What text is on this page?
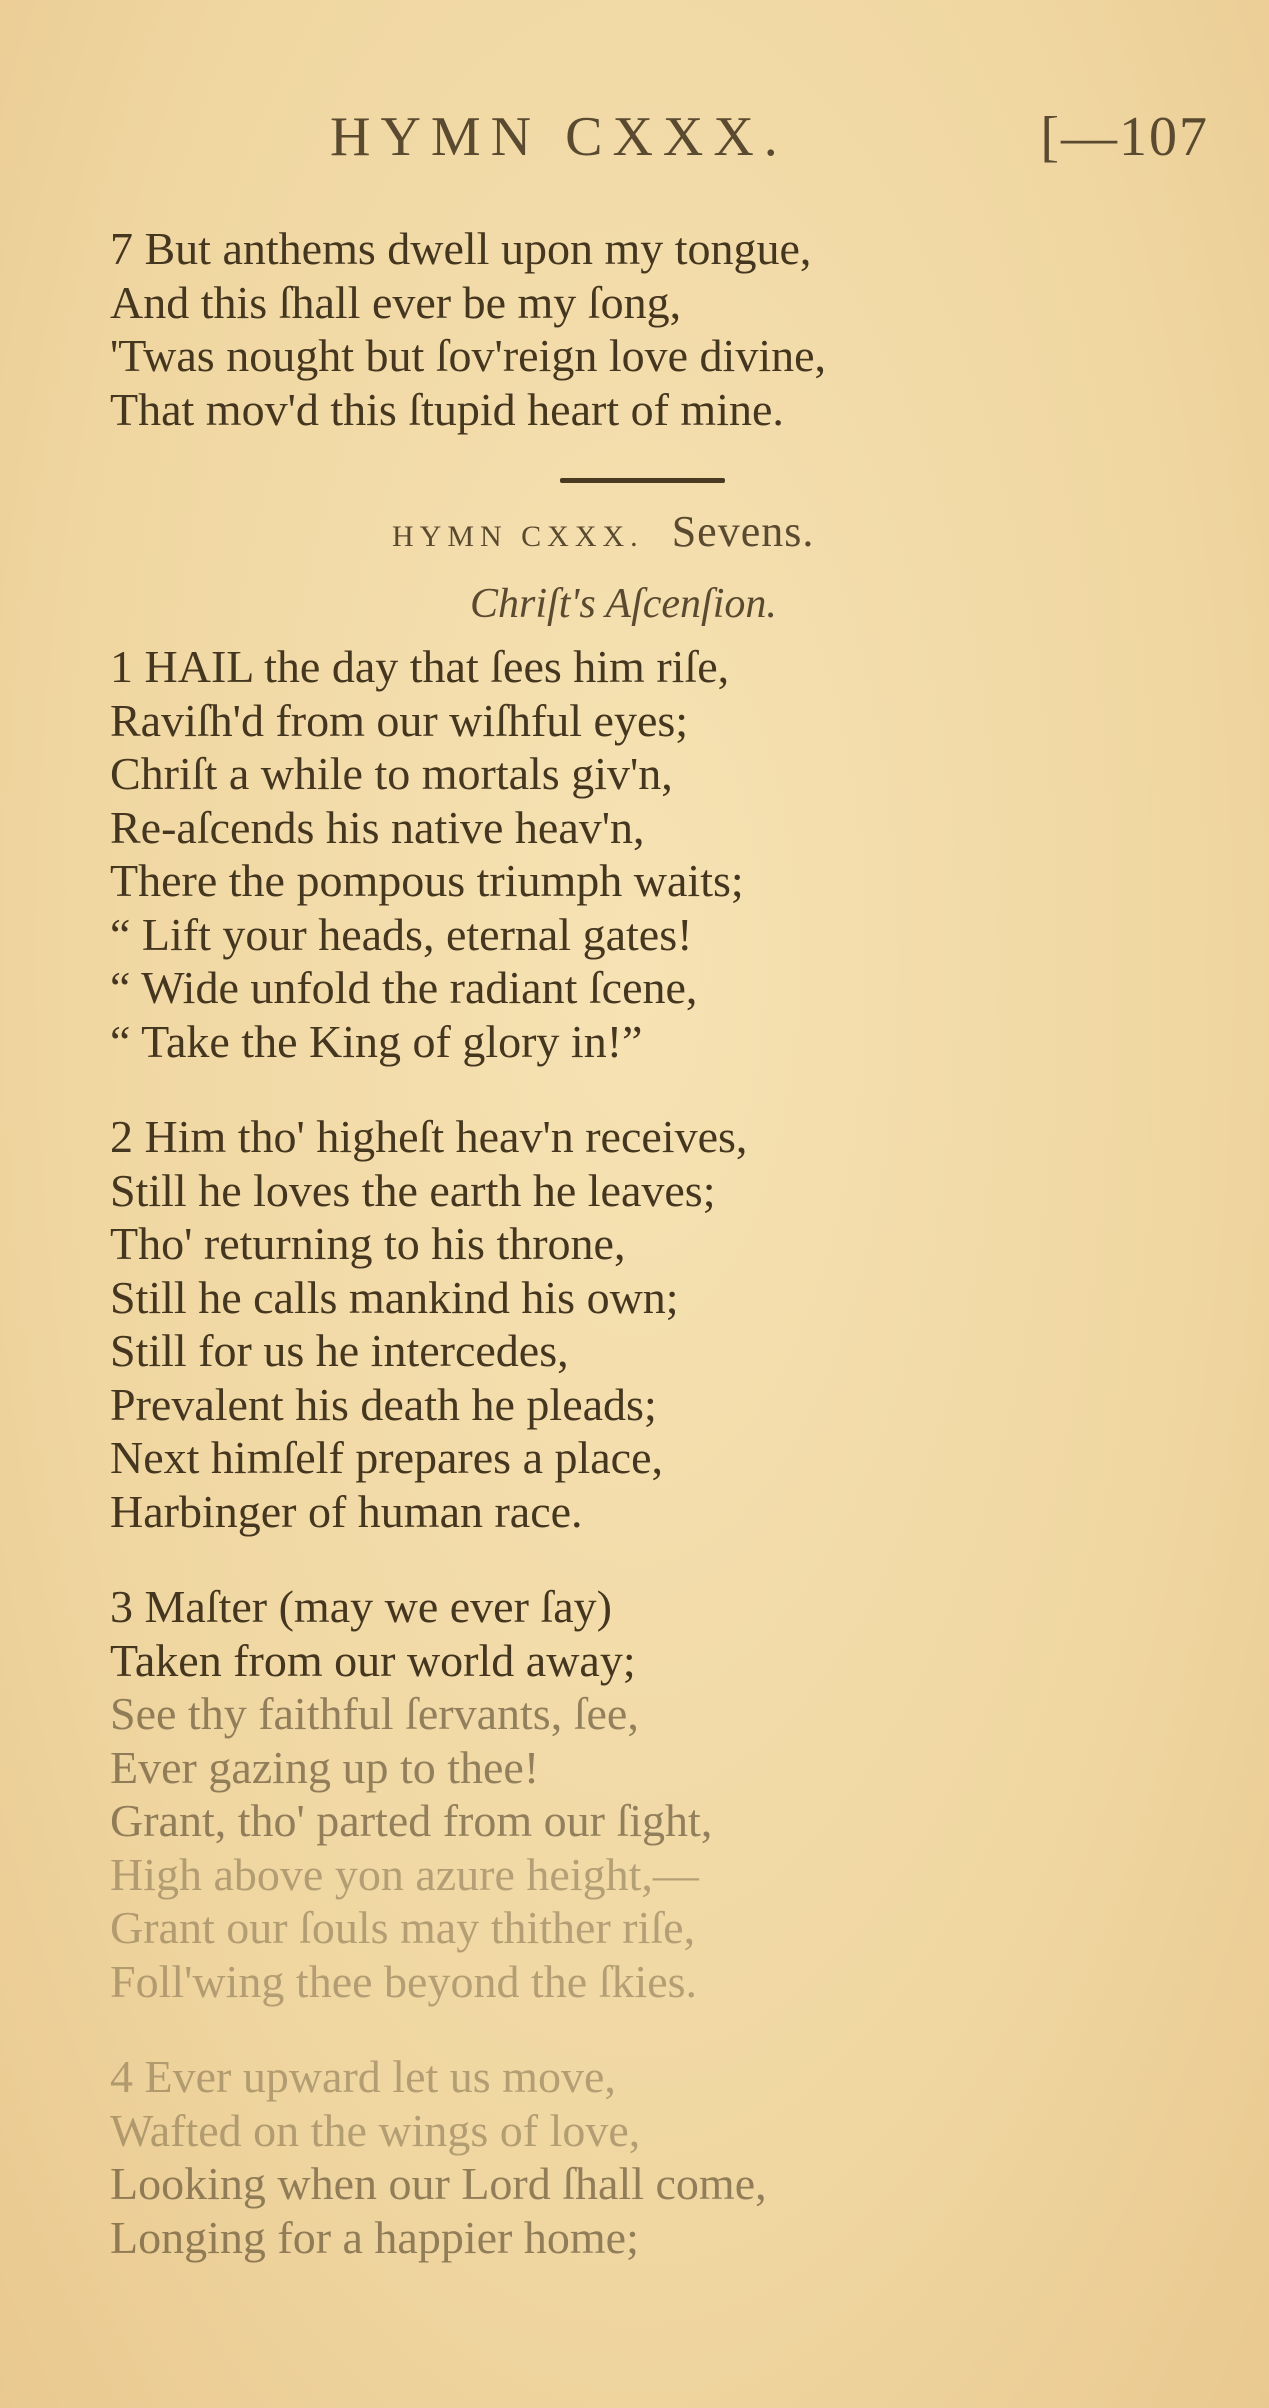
HYMN CXXX.	[—107
7 But anthems dwell upon my tongue,
And this ſhall ever be my ſong,
'Twas nought but ſov'reign love divine,
That mov'd this ſtupid heart of mine.
HYMN CXXX. Sevens.
Chriſt's Aſcenſion.
1 HAIL the day that ſees him riſe,
Raviſh'd from our wiſhful eyes;
Chriſt a while to mortals giv'n,
Re-aſcends his native heav'n,
There the pompous triumph waits;
“ Lift your heads, eternal gates!
“ Wide unfold the radiant ſcene,
“ Take the King of glory in!”
2 Him tho' higheſt heav'n receives,
Still he loves the earth he leaves;
Tho' returning to his throne,
Still he calls mankind his own;
Still for us he intercedes,
Prevalent his death he pleads;
Next himſelf prepares a place,
Harbinger of human race.
3 Maſter (may we ever ſay)
Taken from our world away;
See thy faithful ſervants, ſee,
Ever gazing up to thee!
Grant, tho' parted from our ſight,
High above yon azure height,—
Grant our ſouls may thither riſe,
Foll'wing thee beyond the ſkies.
4 Ever upward let us move,
Wafted on the wings of love,
Looking when our Lord ſhall come,
Longing for a happier home;
